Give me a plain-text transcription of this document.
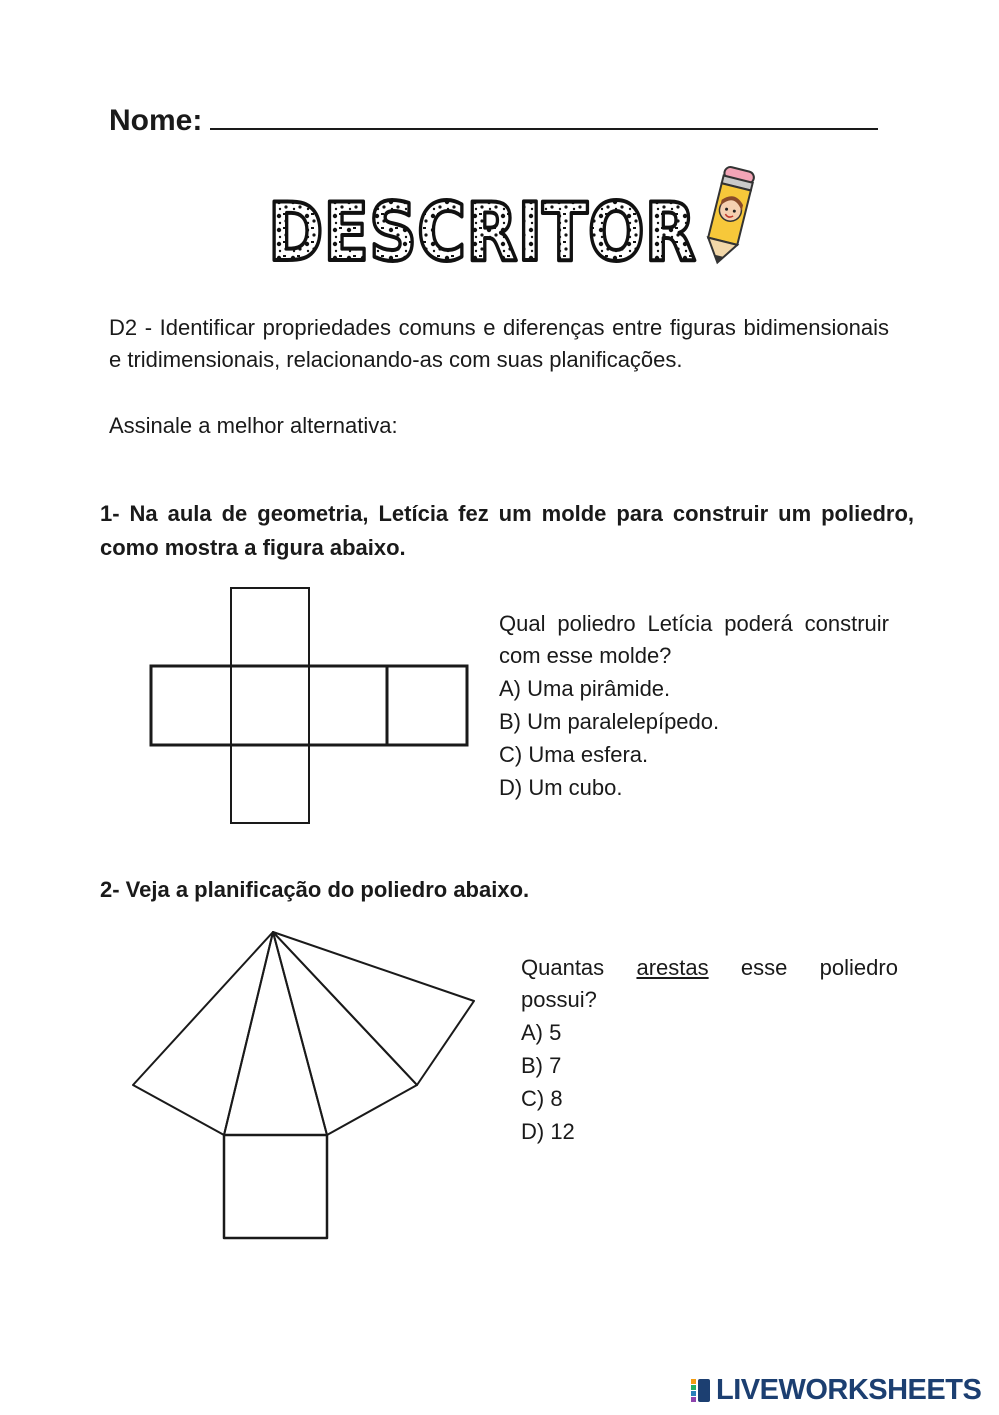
Nome:
DESCRITOR
D2 - Identificar propriedades comuns e diferenças entre figuras bidimensionais e tridimensionais, relacionando-as com suas planificações.
Assinale a melhor alternativa:
1- Na aula de geometria, Letícia fez um molde para construir um poliedro, como mostra a figura abaixo.
Qual poliedro Letícia poderá construir com esse molde?
A) Uma pirâmide.
B) Um paralelepípedo.
C) Uma esfera.
D) Um cubo.
2- Veja a planificação do poliedro abaixo.
Quantas arestas esse poliedro possui?
A) 5
B) 7
C) 8
D) 12
LIVEWORKSHEETS
